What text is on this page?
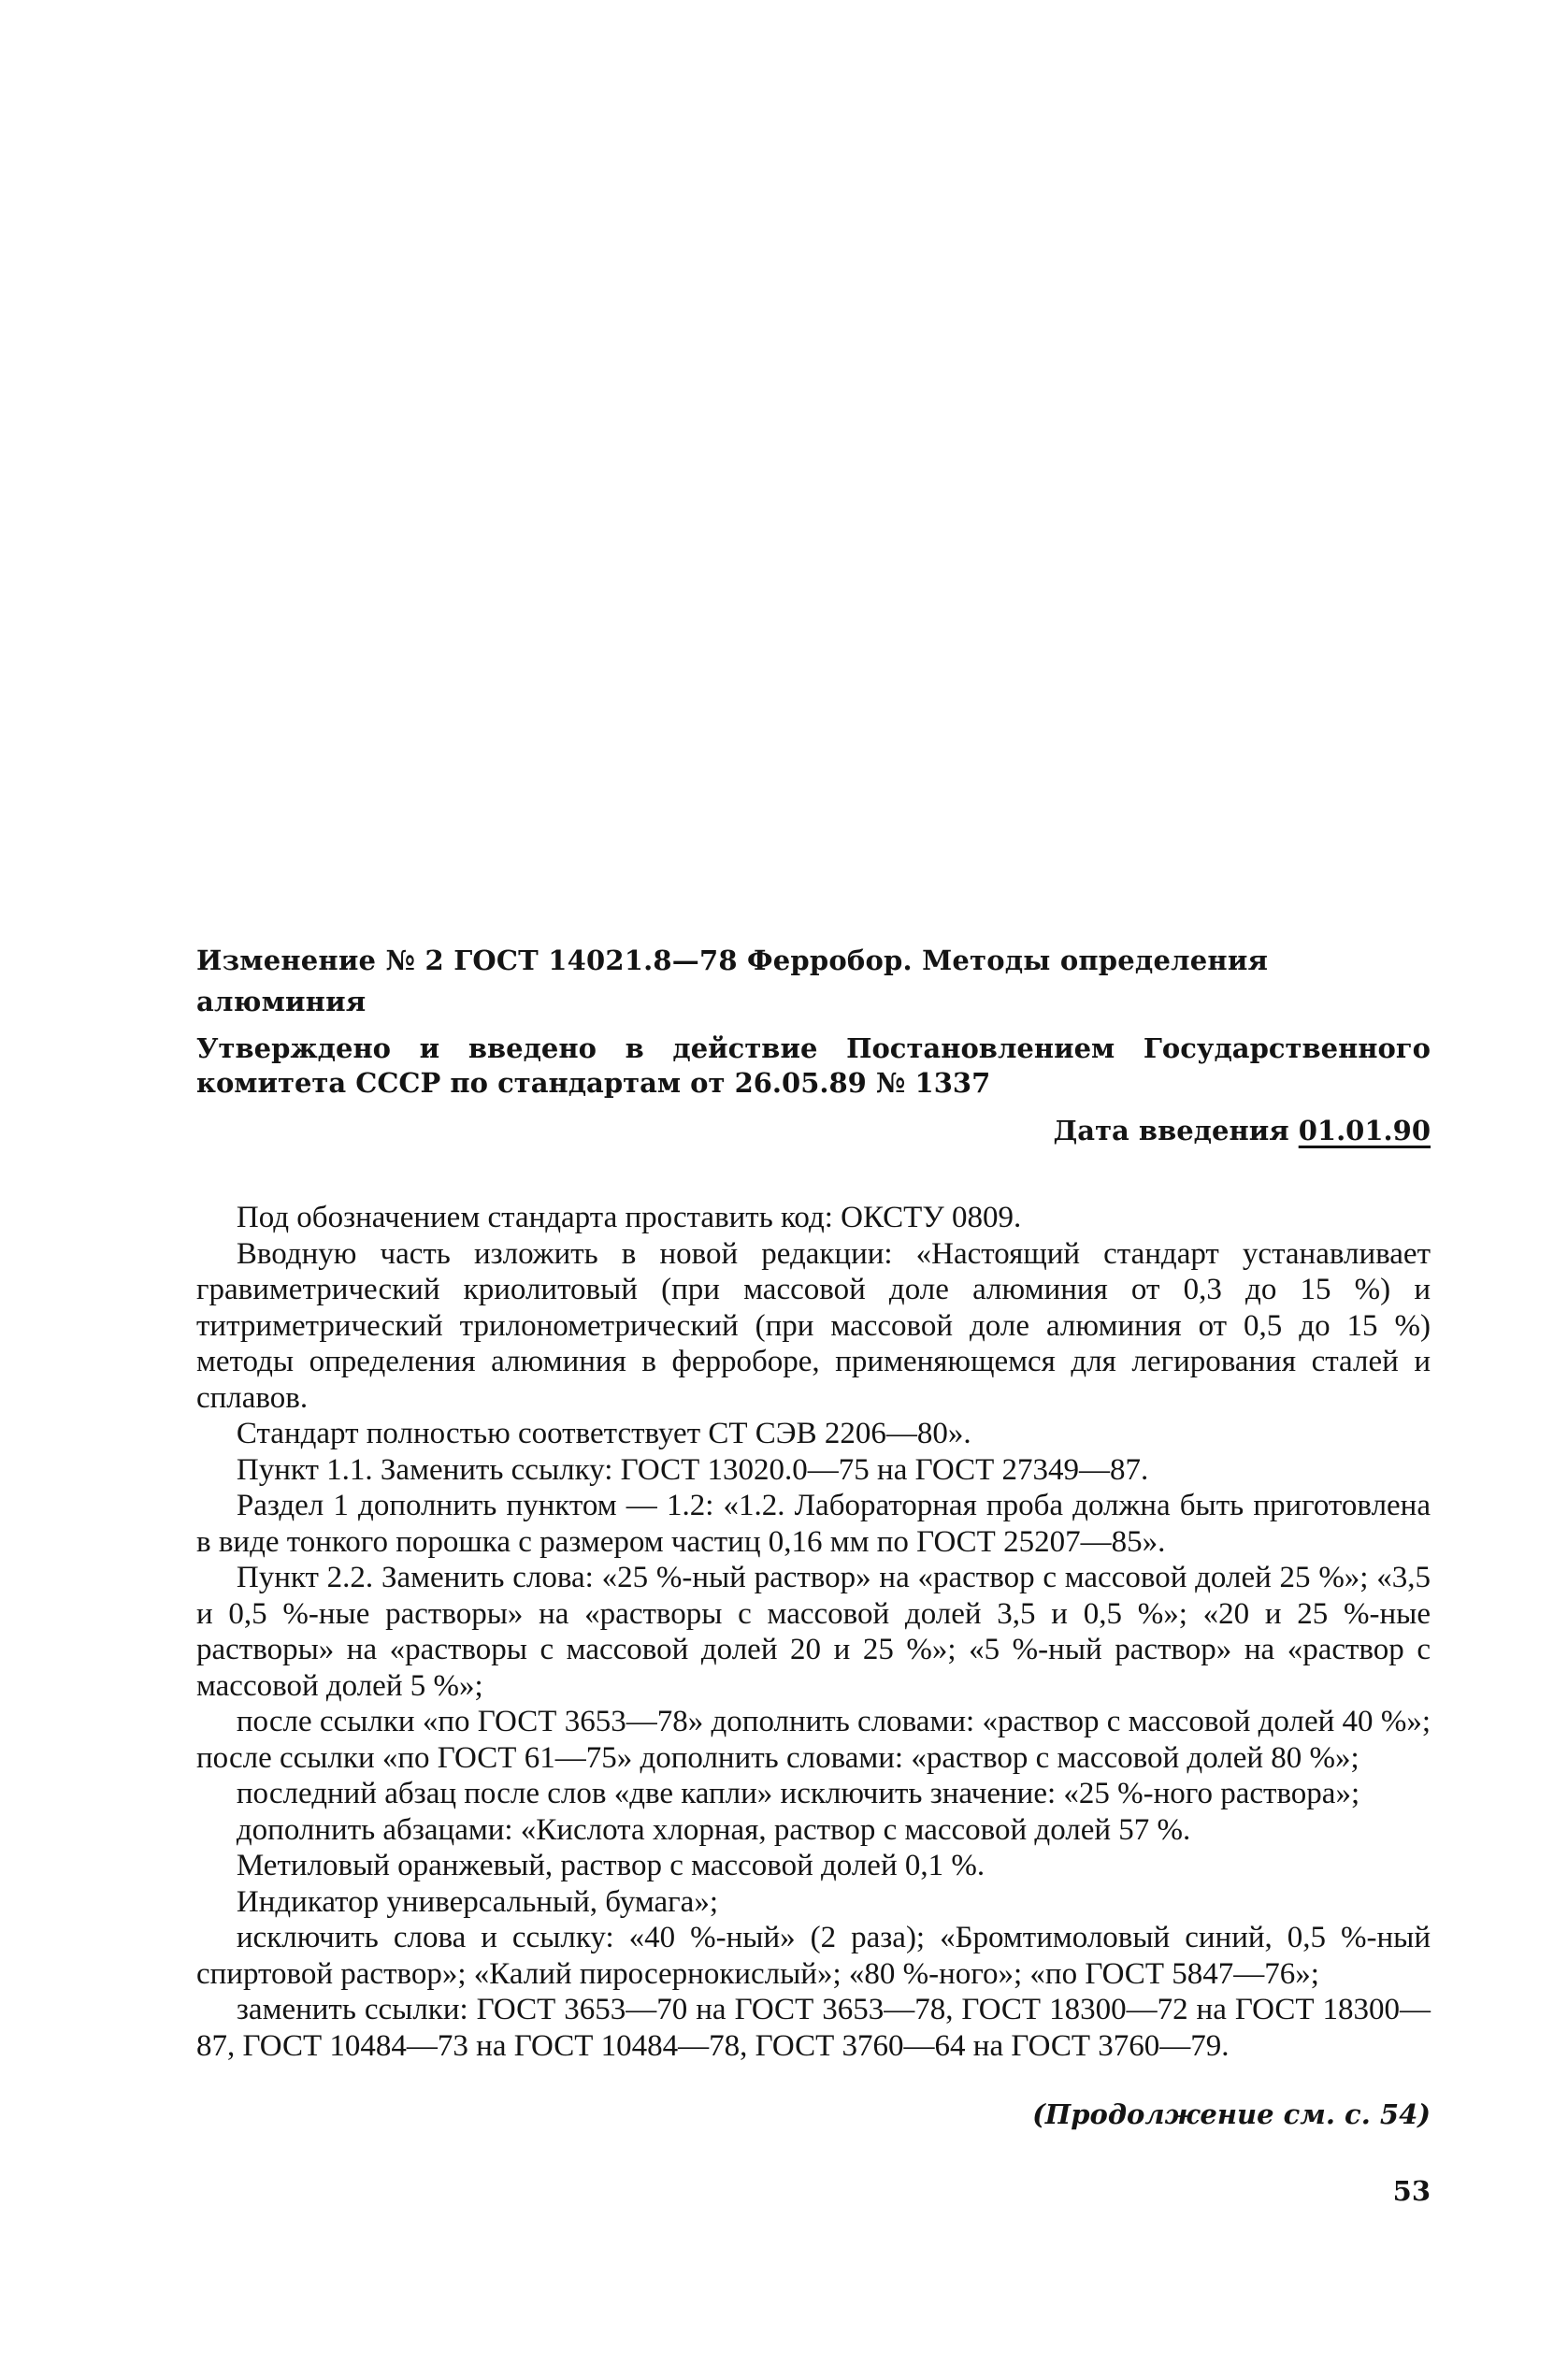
Изменение № 2 ГОСТ 14021.8—78 Ферробор. Методы определения алюминия
Утверждено и введено в действие Постановлением Государственного комитета СССР по стандартам от 26.05.89 № 1337
Дата введения 01.01.90

Под обозначением стандарта проставить код: ОКСТУ 0809.

Вводную часть изложить в новой редакции: «Настоящий стандарт устанавливает гравиметрический криолитовый (при массовой доле алюминия от 0,3 до 15 %) и титриметрический трилонометрический (при массовой доле алюминия от 0,5 до 15 %) методы определения алюминия в ферроборе, применяющемся для легирования сталей и сплавов.

Стандарт полностью соответствует СТ СЭВ 2206—80».

Пункт 1.1. Заменить ссылку: ГОСТ 13020.0—75 на ГОСТ 27349—87.

Раздел 1 дополнить пунктом — 1.2: «1.2. Лабораторная проба должна быть приготовлена в виде тонкого порошка с размером частиц 0,16 мм по ГОСТ 25207—85».

Пункт 2.2. Заменить слова: «25 %-ный раствор» на «раствор с массовой долей 25 %»; «3,5 и 0,5 %-ные растворы» на «растворы с массовой долей 3,5 и 0,5 %»; «20 и 25 %-ные растворы» на «растворы с массовой долей 20 и 25 %»; «5 %-ный раствор» на «раствор с массовой долей 5 %»;

после ссылки «по ГОСТ 3653—78» дополнить словами: «раствор с массовой долей 40 %»; после ссылки «по ГОСТ 61—75» дополнить словами: «раствор с массовой долей 80 %»;

последний абзац после слов «две капли» исключить значение: «25 %-ного раствора»;

дополнить абзацами: «Кислота хлорная, раствор с массовой долей 57 %.

Метиловый оранжевый, раствор с массовой долей 0,1 %.

Индикатор универсальный, бумага»;

исключить слова и ссылку: «40 %-ный» (2 раза); «Бромтимоловый синий, 0,5 %-ный спиртовой раствор»; «Калий пиросернокислый»; «80 %-ного»; «по ГОСТ 5847—76»;

заменить ссылки: ГОСТ 3653—70 на ГОСТ 3653—78, ГОСТ 18300—72 на ГОСТ 18300—87, ГОСТ 10484—73 на ГОСТ 10484—78, ГОСТ 3760—64 на ГОСТ 3760—79.

(Продолжение см. с. 54)
53
